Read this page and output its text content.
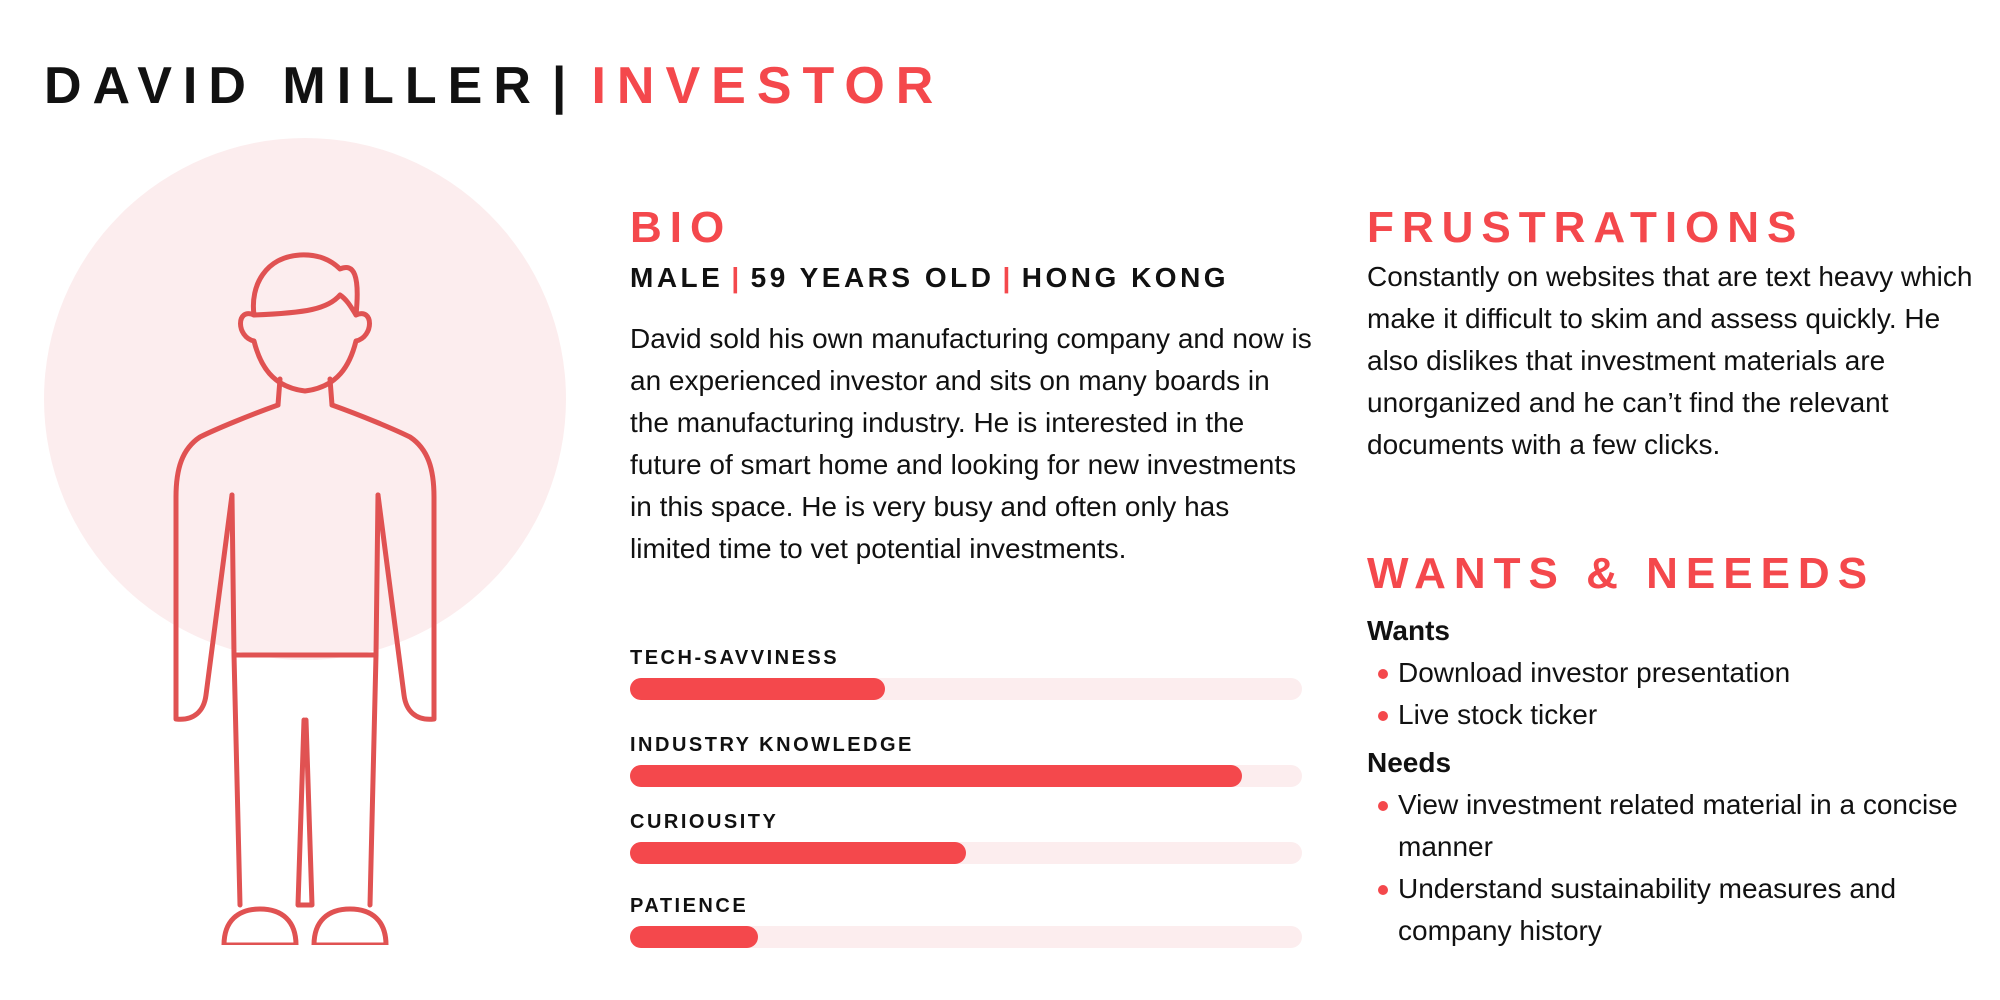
DAVID MILLER | INVESTOR
BIO

MALE | 59 YEARS OLD | HONG KONG

David sold his own manufacturing company and now is an experienced investor and sits on many boards in the manufacturing industry. He is interested in the future of smart home and looking for new investments in this space. He is very busy and often only has limited time to vet potential investments.

TECH-SAVVINESS
INDUSTRY KNOWLEDGE
CURIOUSITY
PATIENCE
FRUSTRATIONS

Constantly on websites that are text heavy which make it difficult to skim and assess quickly. He also dislikes that investment materials are unorganized and he can’t find the relevant documents with a few clicks.

WANTS & NEEEDS
Wants
Download investor presentation
Live stock ticker
Needs
View investment related material in a concise manner
Understand sustainability measures and company history
